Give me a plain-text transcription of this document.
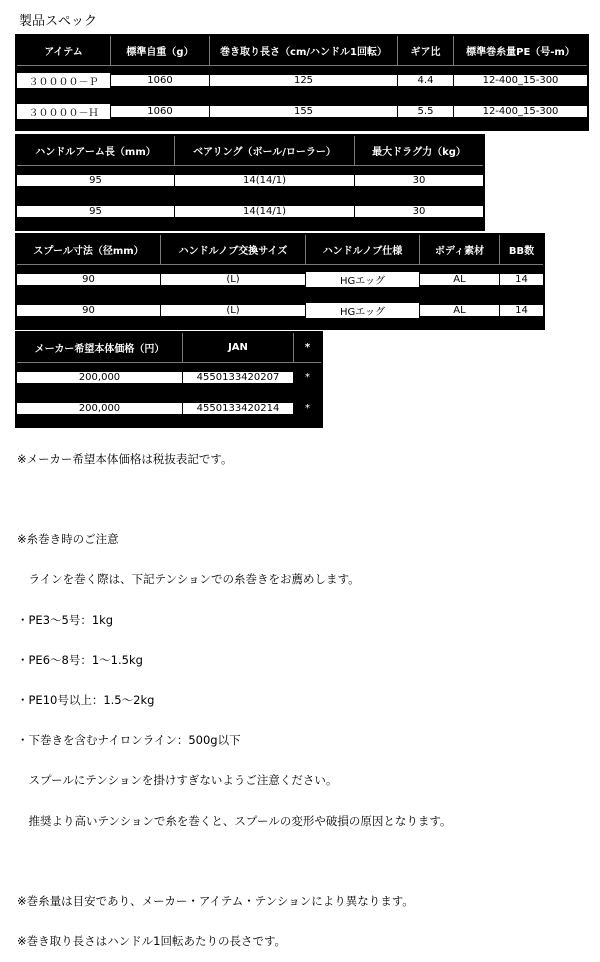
製品スペック
アイテム	標準自重（g）	巻き取り長さ（cm/ハンドル1回転）	ギア比	標準巻糸量PE（号-m）

３００００－Ｐ	1060	125	4.4	12-400_15-300

３００００－Ｈ	1060	155	5.5	12-400_15-300
ハンドルアーム長（mm）	ベアリング（ボール/ローラー）	最大ドラグ力（kg）

95	14(14/1)	30

95	14(14/1)	30
スプール寸法（径mm）	ハンドルノブ交換サイズ	ハンドルノブ仕様	ボディ素材	BB数

90	(L)	HGエッグ	AL	14

90	(L)	HGエッグ	AL	14
メーカー希望本体価格（円）	JAN	*

200,000	4550133420207	*

200,000	4550133420214	*

※メーカー希望本体価格は税抜表記です。

※糸巻き時のご注意

　ラインを巻く際は、下記テンションでの糸巻きをお薦めします。

・PE3～5号：1kg

・PE6～8号：1～1.5kg

・PE10号以上：1.5～2kg

・下巻きを含むナイロンライン：500g以下

　スプールにテンションを掛けすぎないようご注意ください。

　推奨より高いテンションで糸を巻くと、スプールの変形や破損の原因となります。

※巻糸量は目安であり、メーカー・アイテム・テンションにより異なります。

※巻き取り長さはハンドル1回転あたりの長さです。
